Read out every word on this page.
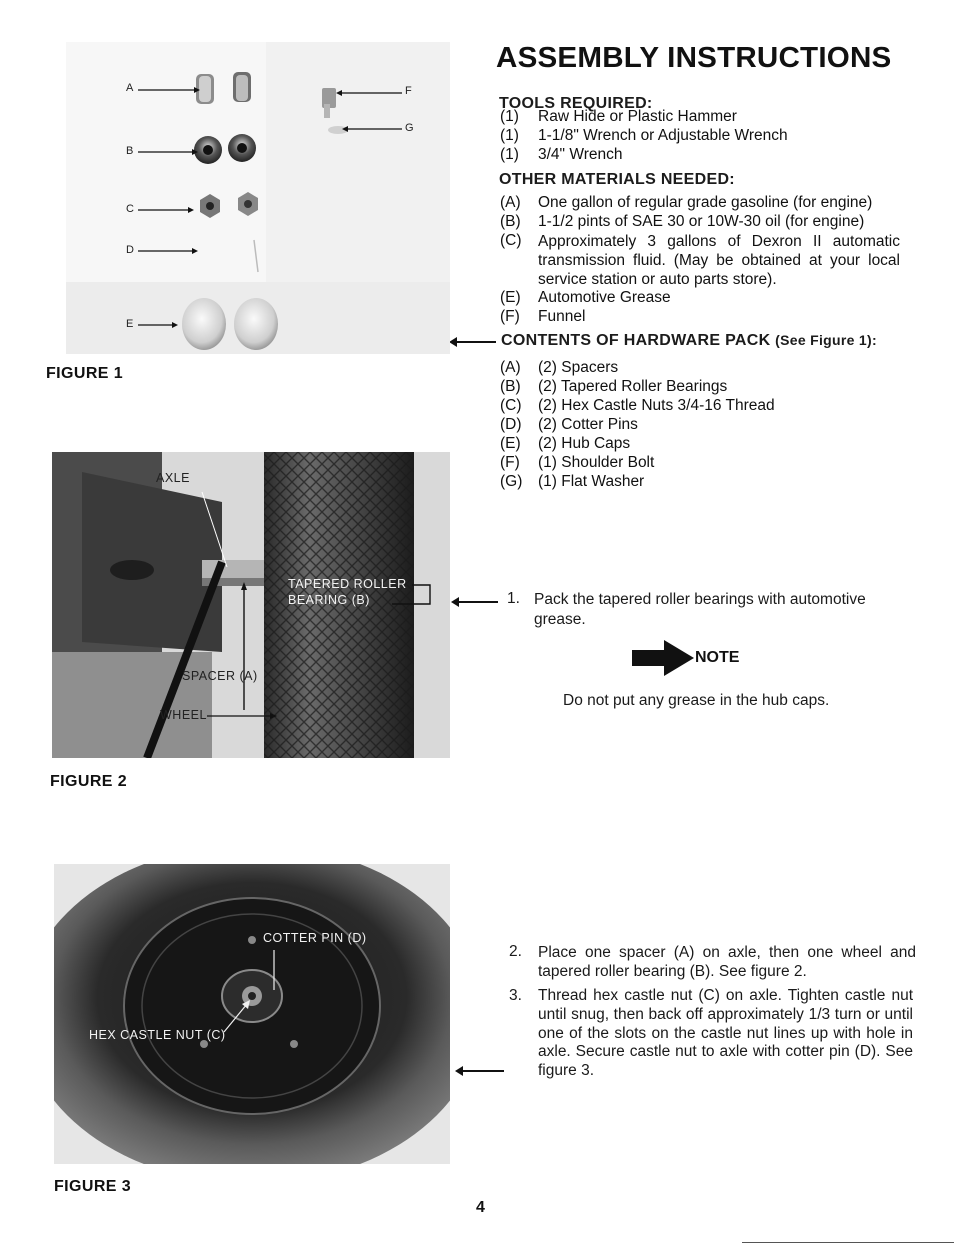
ASSEMBLY INSTRUCTIONS
TOOLS REQUIRED:
(1) Raw Hide or Plastic Hammer
(1) 1-1/8" Wrench or Adjustable Wrench
(1) 3/4" Wrench
OTHER MATERIALS NEEDED:
(A) One gallon of regular grade gasoline (for engine)
(B) 1-1/2 pints of SAE 30 or 10W-30 oil (for engine)
(C)	Approximately 3 gallons of Dexron II automatic transmission fluid. (May be obtained at your local service station or auto parts store).
(E) Automotive Grease
(F) Funnel
CONTENTS OF HARDWARE PACK (See Figure 1):
(A) (2) Spacers
(B) (2) Tapered Roller Bearings
(C) (2) Hex Castle Nuts 3/4-16 Thread
(D) (2) Cotter Pins
(E) (2) Hub Caps
(F) (1) Shoulder Bolt
(G) (1) Flat Washer
1. Pack the tapered roller bearings with automotive grease.
NOTE
Do not put any grease in the hub caps.
2. Place one spacer (A) on axle, then one wheel and tapered roller bearing (B). See figure 2.
3. Thread hex castle nut (C) on axle. Tighten castle nut until snug, then back off approximately 1/3 turn or until one of the slots on the castle nut lines up with hole in axle. Secure castle nut to axle with cotter pin (D). See figure 3.
A
B
C
D
E
F
G
FIGURE 1
AXLE
TAPERED ROLLER
BEARING (B)
SPACER (A)
WHEEL
FIGURE 2
COTTER PIN (D)
HEX CASTLE NUT (C)
FIGURE 3
4
